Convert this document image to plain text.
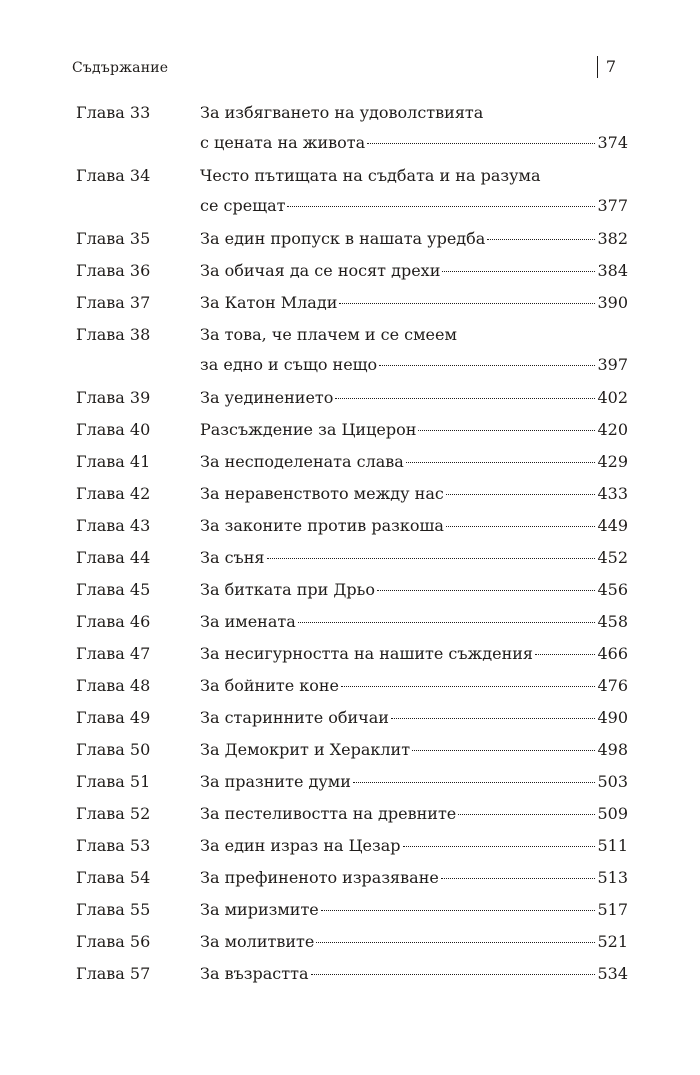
Съдържание	7
Глава 33	За избягването на удоволствията
с цената на живота	374
Глава 34	Често пътищата на съдбата и на разума
се срещат	377
Глава 35	За един пропуск в нашата уредба	382
Глава 36	За обичая да се носят дрехи	384
Глава 37	За Катон Млади	390
Глава 38	За това, че плачем и се смеем
за едно и също нещо	397
Глава 39	За уединението	402
Глава 40	Разсъждение за Цицерон	420
Глава 41	За несподелената слава	429
Глава 42	За неравенството между нас	433
Глава 43	За законите против разкоша	449
Глава 44	За съня	452
Глава 45	За битката при Дрьо	456
Глава 46	За имената	458
Глава 47	За несигурността на нашите съждения	466
Глава 48	За бойните коне	476
Глава 49	За старинните обичаи	490
Глава 50	За Демокрит и Хераклит	498
Глава 51	За празните думи	503
Глава 52	За пестеливостта на древните	509
Глава 53	За един израз на Цезар	511
Глава 54	За префиненото изразяване	513
Глава 55	За миризмите	517
Глава 56	За молитвите	521
Глава 57	За възрастта	534
